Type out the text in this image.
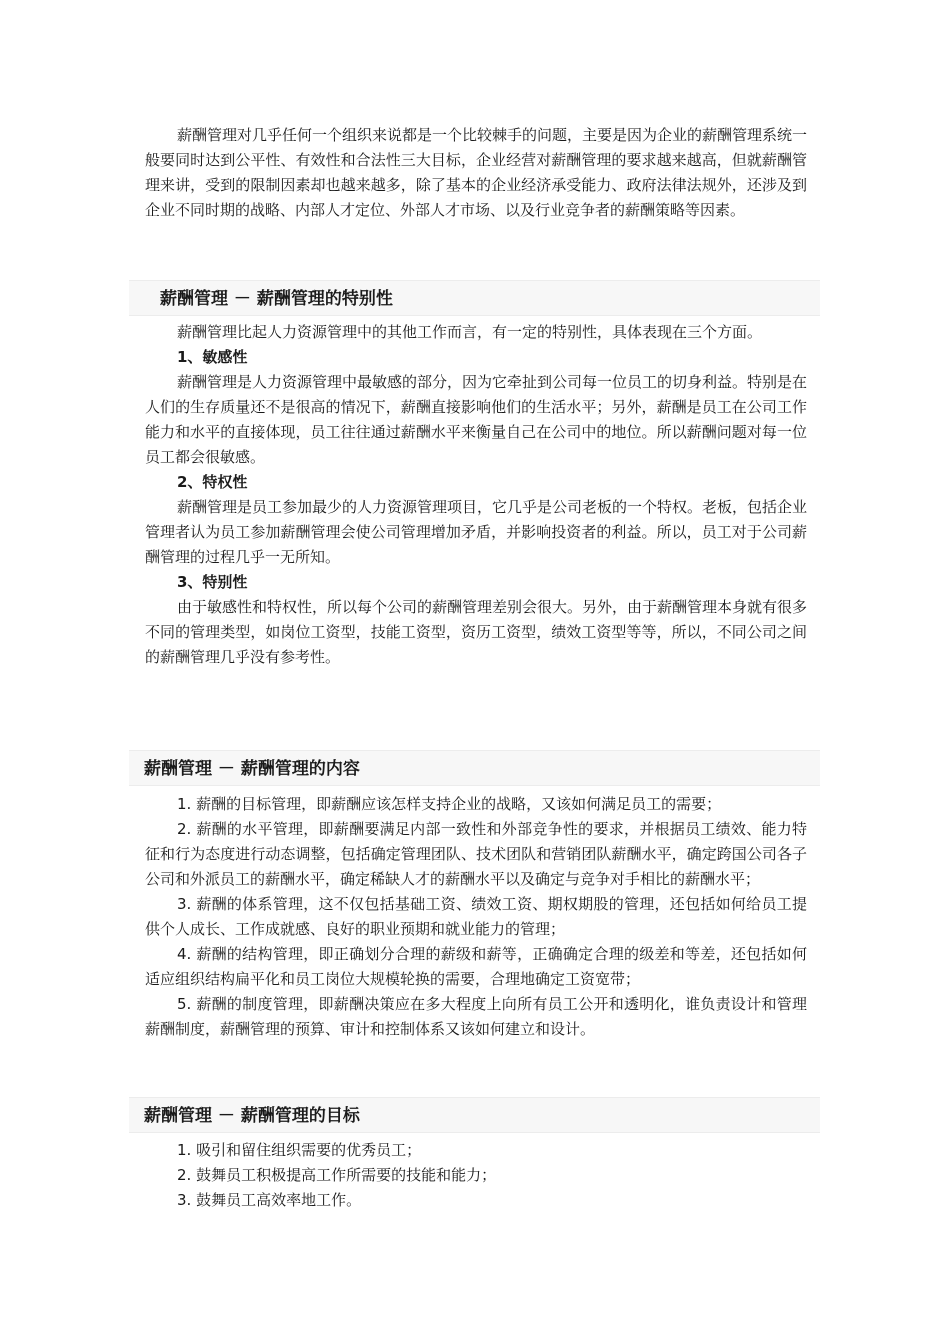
薪酬管理对几乎任何一个组织来说都是一个比较棘手的问题，主要是因为企业的薪酬管理系统一般要同时达到公平性、有效性和合法性三大目标，企业经营对薪酬管理的要求越来越高，但就薪酬管理来讲，受到的限制因素却也越来越多，除了基本的企业经济承受能力、政府法律法规外，还涉及到企业不同时期的战略、内部人才定位、外部人才市场、以及行业竞争者的薪酬策略等因素。

薪酬管理 － 薪酬管理的特别性

薪酬管理比起人力资源管理中的其他工作而言，有一定的特别性，具体表现在三个方面。

1、敏感性

薪酬管理是人力资源管理中最敏感的部分，因为它牵扯到公司每一位员工的切身利益。特别是在人们的生存质量还不是很高的情况下，薪酬直接影响他们的生活水平；另外，薪酬是员工在公司工作能力和水平的直接体现，员工往往通过薪酬水平来衡量自己在公司中的地位。所以薪酬问题对每一位员工都会很敏感。

2、特权性

薪酬管理是员工参加最少的人力资源管理项目，它几乎是公司老板的一个特权。老板，包括企业管理者认为员工参加薪酬管理会使公司管理增加矛盾，并影响投资者的利益。所以，员工对于公司薪酬管理的过程几乎一无所知。

3、特别性

由于敏感性和特权性，所以每个公司的薪酬管理差别会很大。另外，由于薪酬管理本身就有很多不同的管理类型，如岗位工资型，技能工资型，资历工资型，绩效工资型等等，所以，不同公司之间的薪酬管理几乎没有参考性。

薪酬管理 － 薪酬管理的内容

1. 薪酬的目标管理，即薪酬应该怎样支持企业的战略，又该如何满足员工的需要；

2. 薪酬的水平管理，即薪酬要满足内部一致性和外部竞争性的要求，并根据员工绩效、能力特征和行为态度进行动态调整，包括确定管理团队、技术团队和营销团队薪酬水平，确定跨国公司各子公司和外派员工的薪酬水平，确定稀缺人才的薪酬水平以及确定与竞争对手相比的薪酬水平；

3. 薪酬的体系管理，这不仅包括基础工资、绩效工资、期权期股的管理，还包括如何给员工提供个人成长、工作成就感、良好的职业预期和就业能力的管理；

4. 薪酬的结构管理，即正确划分合理的薪级和薪等，正确确定合理的级差和等差，还包括如何适应组织结构扁平化和员工岗位大规模轮换的需要，合理地确定工资宽带；

5. 薪酬的制度管理，即薪酬决策应在多大程度上向所有员工公开和透明化，谁负责设计和管理薪酬制度，薪酬管理的预算、审计和控制体系又该如何建立和设计。

薪酬管理 － 薪酬管理的目标

1. 吸引和留住组织需要的优秀员工；

2. 鼓舞员工积极提高工作所需要的技能和能力；

3. 鼓舞员工高效率地工作。
